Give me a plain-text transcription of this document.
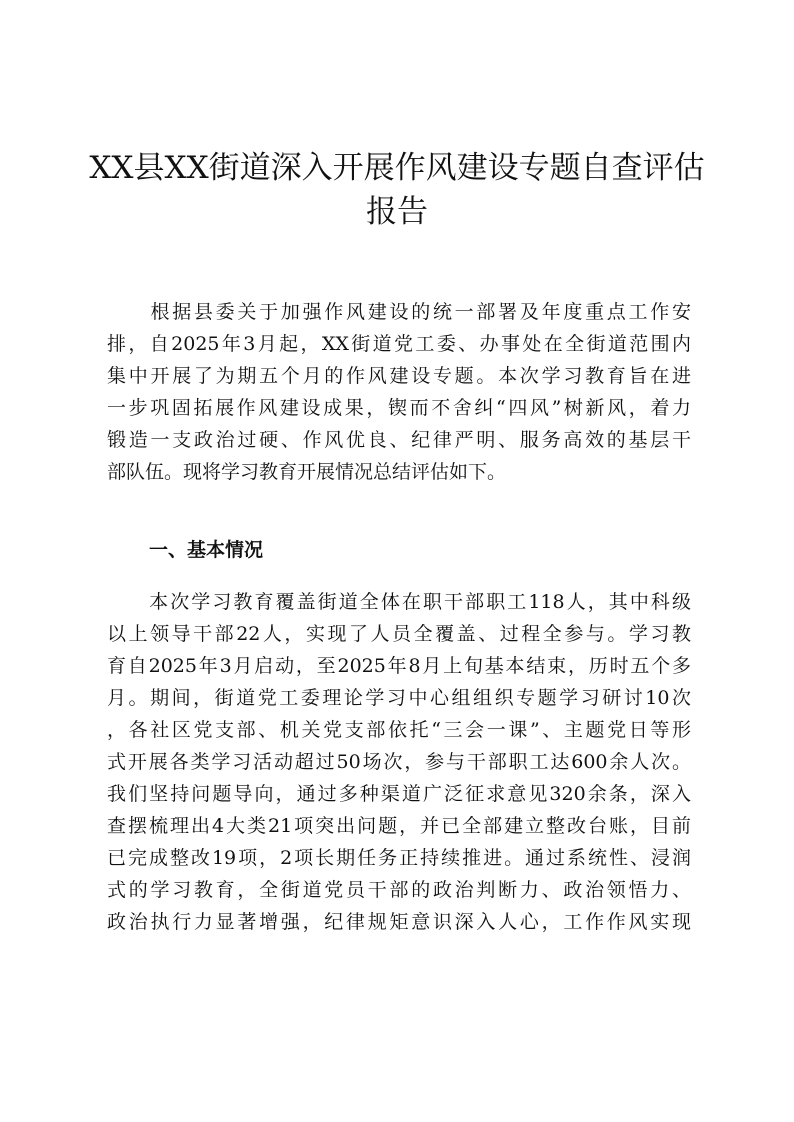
XX县XX街道深入开展作风建设专题自查评估
报告
　　根据县委关于加强作风建设的统一部署及年度重点工作安
排，自2025年3月起，XX街道党工委、办事处在全街道范围内
集中开展了为期五个月的作风建设专题。本次学习教育旨在进
一步巩固拓展作风建设成果，锲而不舍纠“四风”树新风，着力
锻造一支政治过硬、作风优良、纪律严明、服务高效的基层干
部队伍。现将学习教育开展情况总结评估如下。
一、基本情况
　　本次学习教育覆盖街道全体在职干部职工118人，其中科级
以上领导干部22人，实现了人员全覆盖、过程全参与。学习教
育自2025年3月启动，至2025年8月上旬基本结束，历时五个多
月。期间，街道党工委理论学习中心组组织专题学习研讨10次
，各社区党支部、机关党支部依托“三会一课”、主题党日等形
式开展各类学习活动超过50场次，参与干部职工达600余人次。
我们坚持问题导向，通过多种渠道广泛征求意见320余条，深入
查摆梳理出4大类21项突出问题，并已全部建立整改台账，目前
已完成整改19项，2项长期任务正持续推进。通过系统性、浸润
式的学习教育，全街道党员干部的政治判断力、政治领悟力、
政治执行力显著增强，纪律规矩意识深入人心，工作作风实现
